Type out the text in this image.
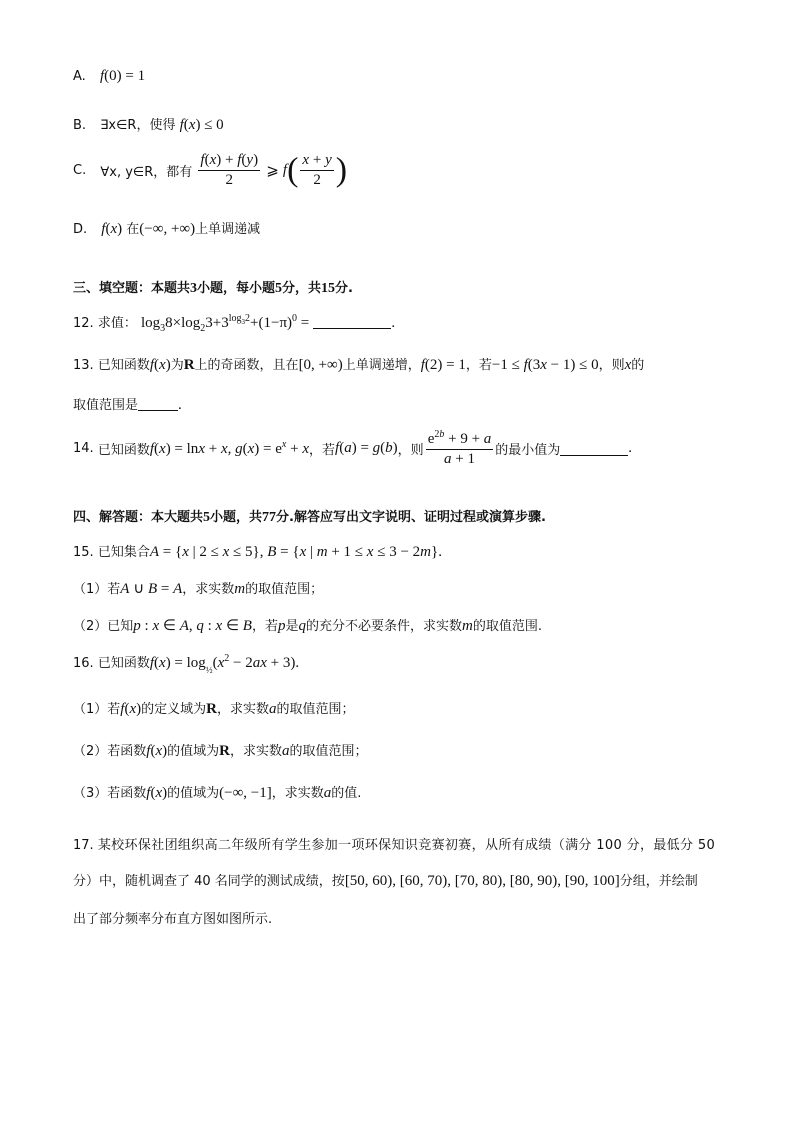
A. f(0) = 1
B. ∃x∈R，使得 f(x) ≤ 0
C. ∀x, y∈R，都有 $\frac{f(x) + f(y)}{2}$ ⩾ $f( \frac{x + y}{2}$ )
D. f(x) 在(−∞, +∞)上单调递减
三、填空题：本题共3小题，每小题5分，共15分.
12. 求值： $\log_38\times\log_23+3^{log_32}+(1-\pi)^0$ =	.
13. 已知函数f(x)为R上的奇函数，且在[0, +∞)上单调递增，f(2) = 1，若−1 ≤ f(3x − 1) ≤ 0，则x的
取值范围是	.
14. 已知函数f(x) = lnx + x, $g(x) = e^x + x$，若f(a) = g(b)，则 $\frac{e^{2b} + 9 + a}{a + 1}$ 的最小值为	.
四、解答题：本大题共5小题，共77分.解答应写出文字说明、证明过程或演算步骤.
15. 已知集合A = {x | 2 ≤ x ≤ 5}, B = {x | m + 1 ≤ x ≤ 3 − 2m}.
（1）若A ∪ B = A，求实数m的取值范围；
（2）已知p : x ∈ A, q : x ∈ B，若p是q的充分不必要条件，求实数m的取值范围.
16. 已知函数$f(x) = \log_{\frac{1}{2}}(x^2 - 2ax + 3)$.
（1）若f(x)的定义域为R，求实数a的取值范围；
（2）若函数f(x)的值域为R，求实数a的取值范围；
（3）若函数f(x)的值域为(−∞, −1]，求实数a的值.
17. 某校环保社团组织高二年级所有学生参加一项环保知识竞赛初赛，从所有成绩（满分 100 分，最低分 50
分）中，随机调查了 40 名同学的测试成绩，按[50, 60), [60, 70), [70, 80), [80, 90), [90, 100]分组，并绘制
出了部分频率分布直方图如图所示.
